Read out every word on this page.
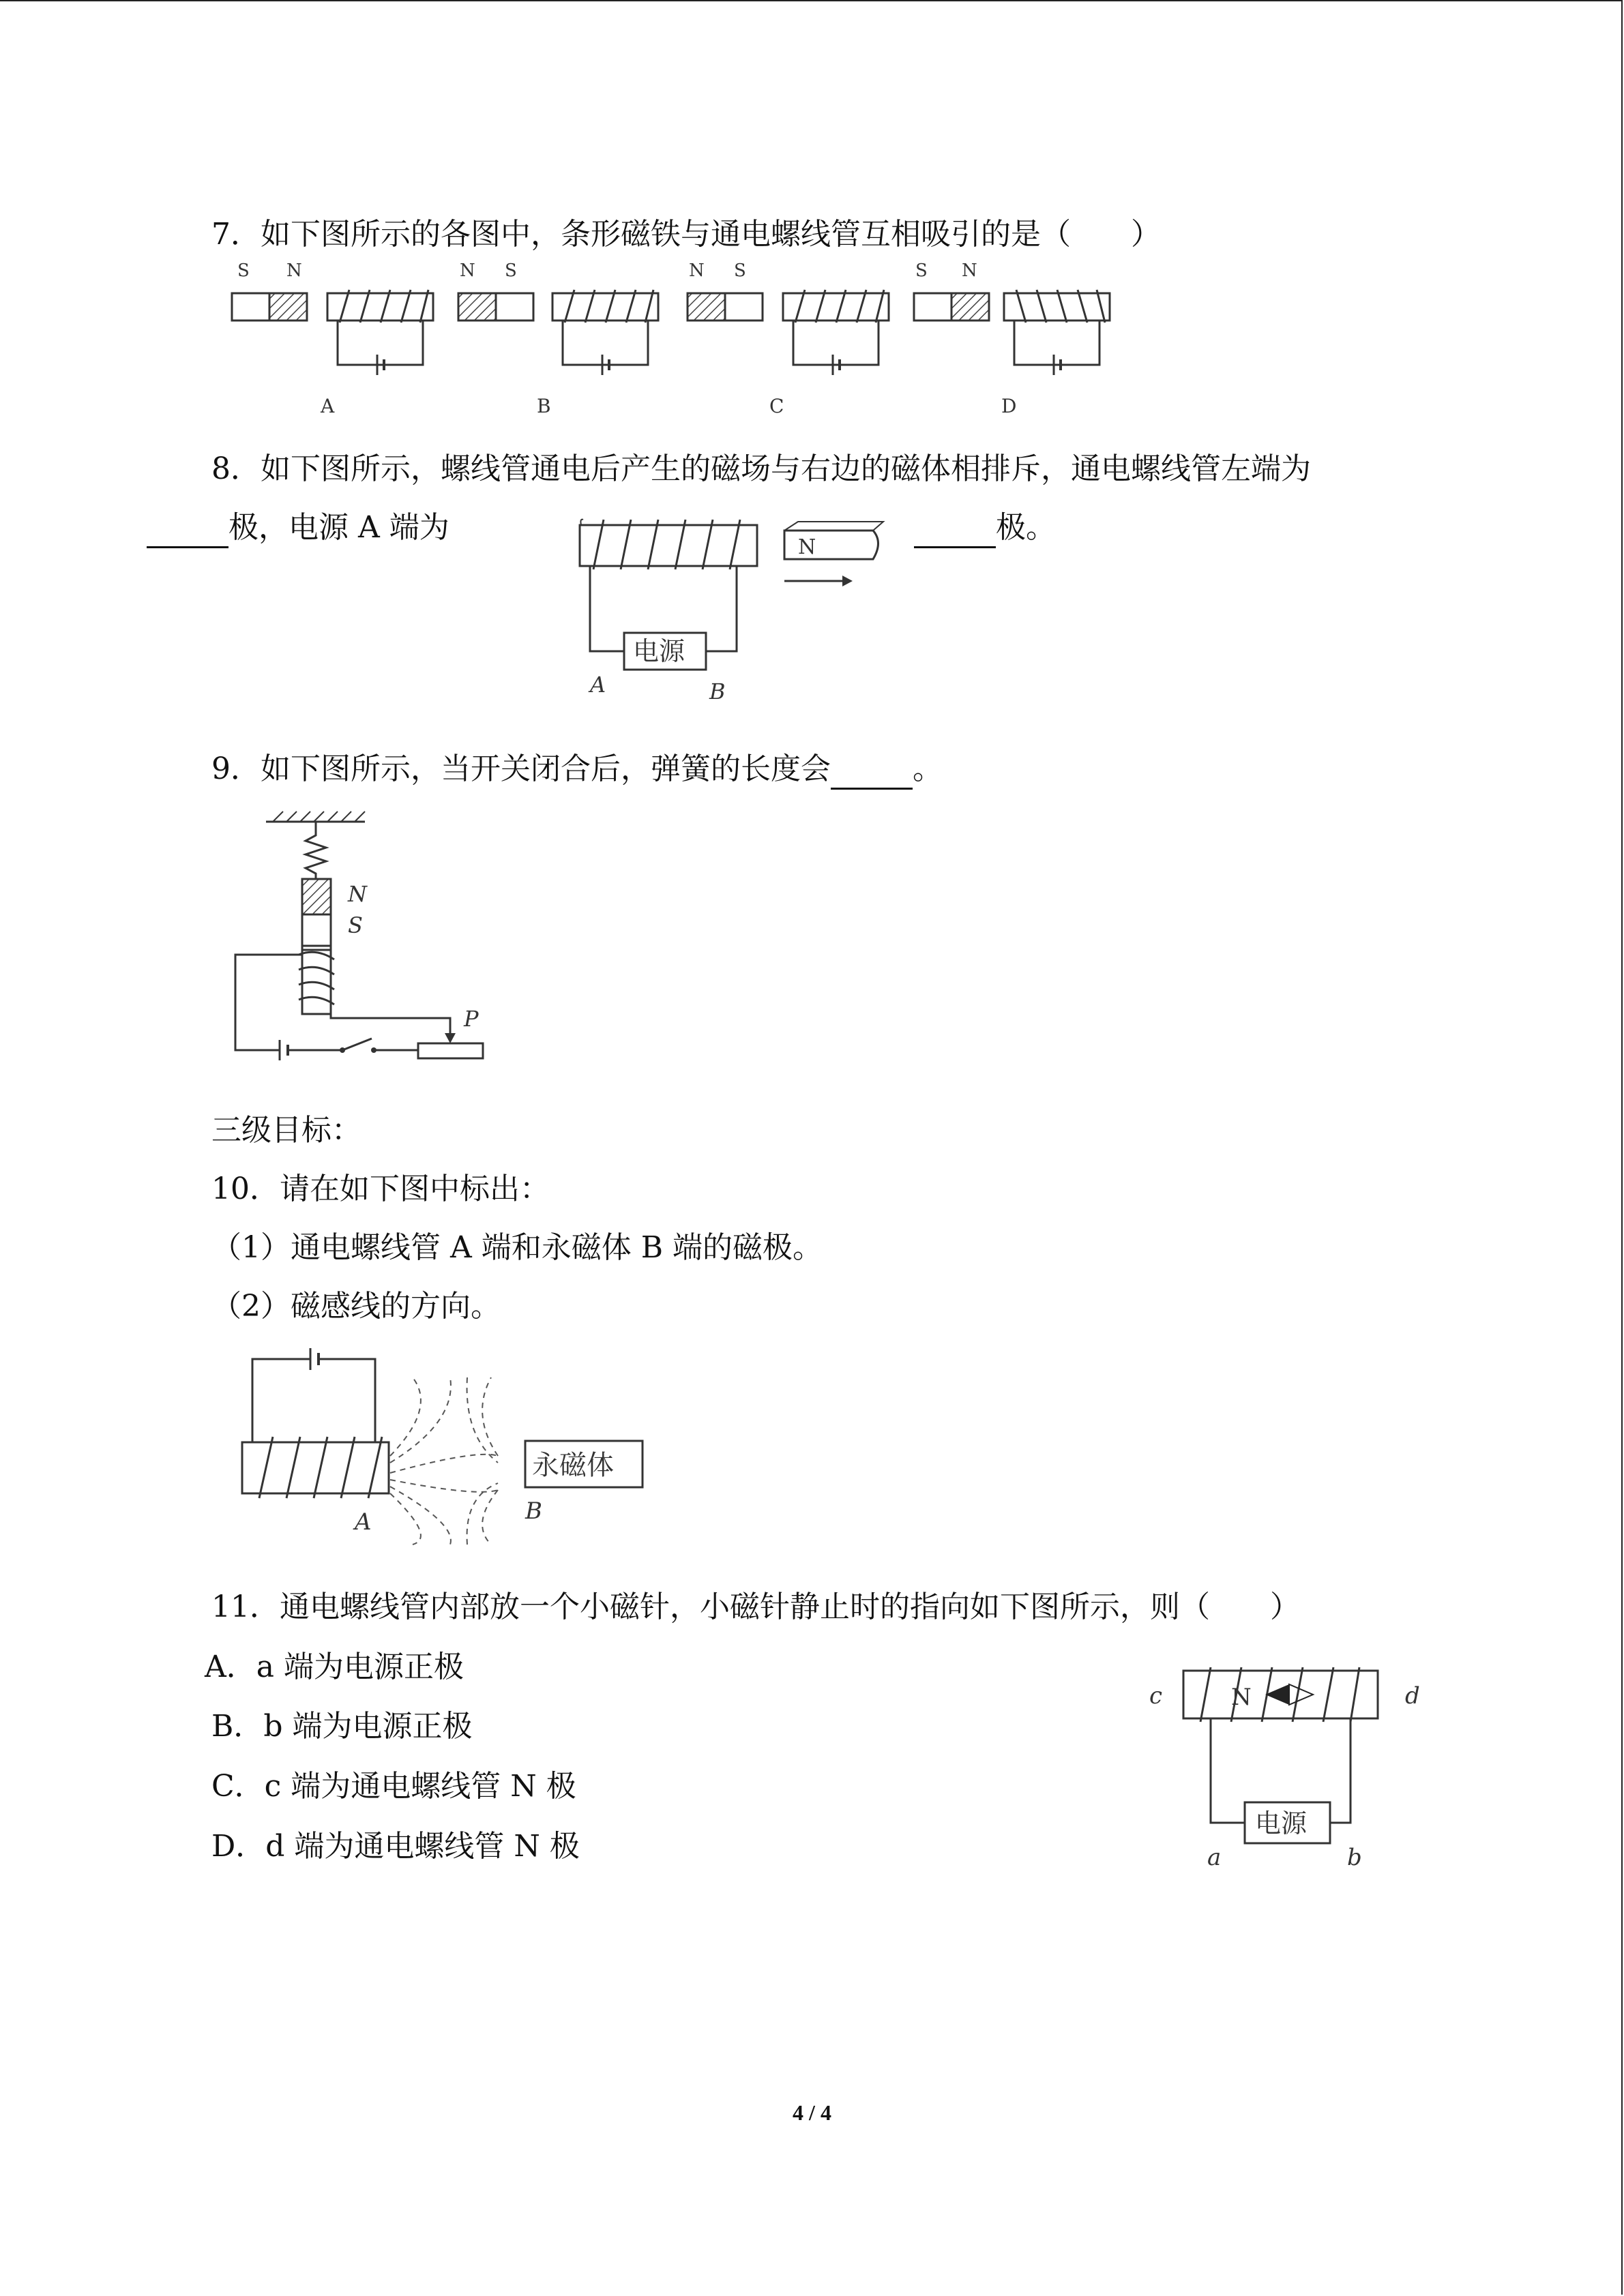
7．如下图所示的各图中，条形磁铁与通电螺线管互相吸引的是（　　）
S N
A
N S
B
N S
C
S N
D
8．如下图所示，螺线管通电后产生的磁场与右边的磁体相排斥，通电螺线管左端为
极，电源 A 端为	极。
电源
A	B
N
9．如下图所示，当开关闭合后，弹簧的长度会	。
N
S
P
三级目标：
10．请在如下图中标出：
（1）通电螺线管 A 端和永磁体 B 端的磁极。
（2）磁感线的方向。
永磁体
A	B
11．通电螺线管内部放一个小磁针，小磁针静止时的指向如下图所示，则（　　）
A．a 端为电源正极
B．b 端为电源正极
C．c 端为通电螺线管 N 极
D．d 端为通电螺线管 N 极
N
c	d
电源
a	b
4 / 4
